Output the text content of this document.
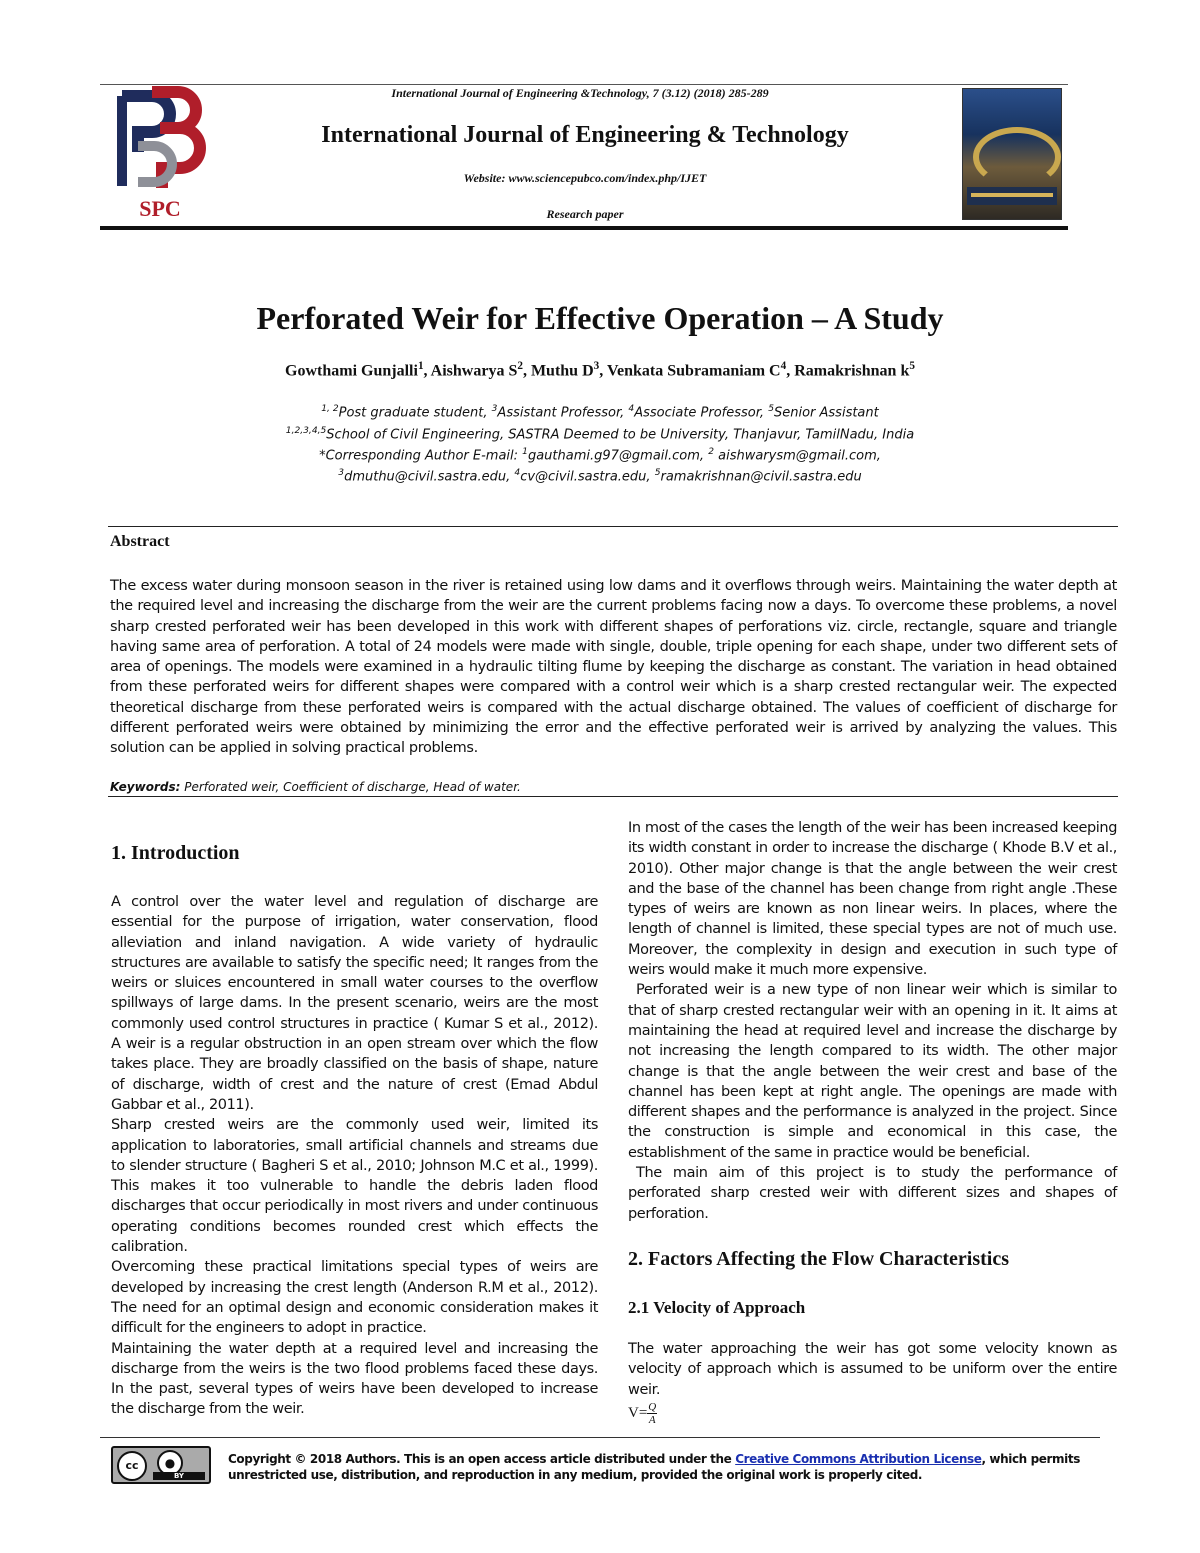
SPC
International Journal of Engineering &Technology, 7 (3.12) (2018) 285-289
International Journal of Engineering & Technology
Website: www.sciencepubco.com/index.php/IJET
Research paper
Perforated Weir for Effective Operation – A Study
Gowthami Gunjalli$^1$, Aishwarya $S^2$, Muthu $D^3$, Venkata Subramaniam $C^4$, Ramakrishnan $k^5$
$^{1, 2}$Post graduate student, $^3$Assistant Professor, $^4$Associate Professor, $^5$Senior Assistant
$^{1,2,3,4,5}$School of Civil Engineering, SASTRA Deemed to be University, Thanjavur, TamilNadu, India
*Corresponding Author E-mail: $^1$gauthami.g97@gmail.com, $^2$ aishwarysm@gmail.com,
$^3$dmuthu@civil.sastra.edu, $^4$cv@civil.sastra.edu, $^5$ramakrishnan@civil.sastra.edu
Abstract
The excess water during monsoon season in the river is retained using low dams and it overflows through weirs. Maintaining the water depth at the required level and increasing the discharge from the weir are the current problems facing now a days. To overcome these problems, a novel sharp crested perforated weir has been developed in this work with different shapes of perforations viz. circle, rectangle, square and triangle having same area of perforation. A total of 24 models were made with single, double, triple opening for each shape, under two different sets of area of openings. The models were examined in a hydraulic tilting flume by keeping the discharge as constant. The variation in head obtained from these perforated weirs for different shapes were compared with a control weir which is a sharp crested rectangular weir. The expected theoretical discharge from these perforated weirs is compared with the actual discharge obtained. The values of coefficient of discharge for different perforated weirs were obtained by minimizing the error and the effective perforated weir is arrived by analyzing the values. This solution can be applied in solving practical problems.
Keywords: Perforated weir, Coefficient of discharge, Head of water.
1. Introduction

A control over the water level and regulation of discharge are essential for the purpose of irrigation, water conservation, flood alleviation and inland navigation. A wide variety of hydraulic structures are available to satisfy the specific need; It ranges from the weirs or sluices encountered in small water courses to the overflow spillways of large dams. In the present scenario, weirs are the most commonly used control structures in practice ( Kumar S et al., 2012). A weir is a regular obstruction in an open stream over which the flow takes place. They are broadly classified on the basis of shape, nature of discharge, width of crest and the nature of crest (Emad Abdul Gabbar et al., 2011).

Sharp crested weirs are the commonly used weir, limited its application to laboratories, small artificial channels and streams due to slender structure ( Bagheri S et al., 2010; Johnson M.C et al., 1999). This makes it too vulnerable to handle the debris laden flood discharges that occur periodically in most rivers and under continuous operating conditions becomes rounded crest which effects the calibration.

Overcoming these practical limitations special types of weirs are developed by increasing the crest length (Anderson R.M et al., 2012). The need for an optimal design and economic consideration makes it difficult for the engineers to adopt in practice.

Maintaining the water depth at a required level and increasing the discharge from the weirs is the two flood problems faced these days. In the past, several types of weirs have been developed to increase the discharge from the weir.

In most of the cases the length of the weir has been increased keeping its width constant in order to increase the discharge ( Khode B.V et al., 2010). Other major change is that the angle between the weir crest and the base of the channel has been change from right angle .These types of weirs are known as non linear weirs. In places, where the length of channel is limited, these special types are not of much use. Moreover, the complexity in design and execution in such type of weirs would make it much more expensive.

Perforated weir is a new type of non linear weir which is similar to that of sharp crested rectangular weir with an opening in it. It aims at maintaining the head at required level and increase the discharge by not increasing the length compared to its width. The other major change is that the angle between the weir crest and base of the channel has been kept at right angle. The openings are made with different shapes and the performance is analyzed in the project. Since the construction is simple and economical in this case, the establishment of the same in practice would be beneficial.

The main aim of this project is to study the performance of perforated sharp crested weir with different sizes and shapes of perforation.

2. Factors Affecting the Flow Characteristics
2.1 Velocity of Approach
The water approaching the weir has got some velocity known as velocity of approach which is assumed to be uniform over the entire weir.
$V= \frac{Q}{A}$
cc	●
BY
Copyright © 2018 Authors. This is an open access article distributed under the Creative Commons Attribution License, which permits unrestricted use, distribution, and reproduction in any medium, provided the original work is properly cited.
